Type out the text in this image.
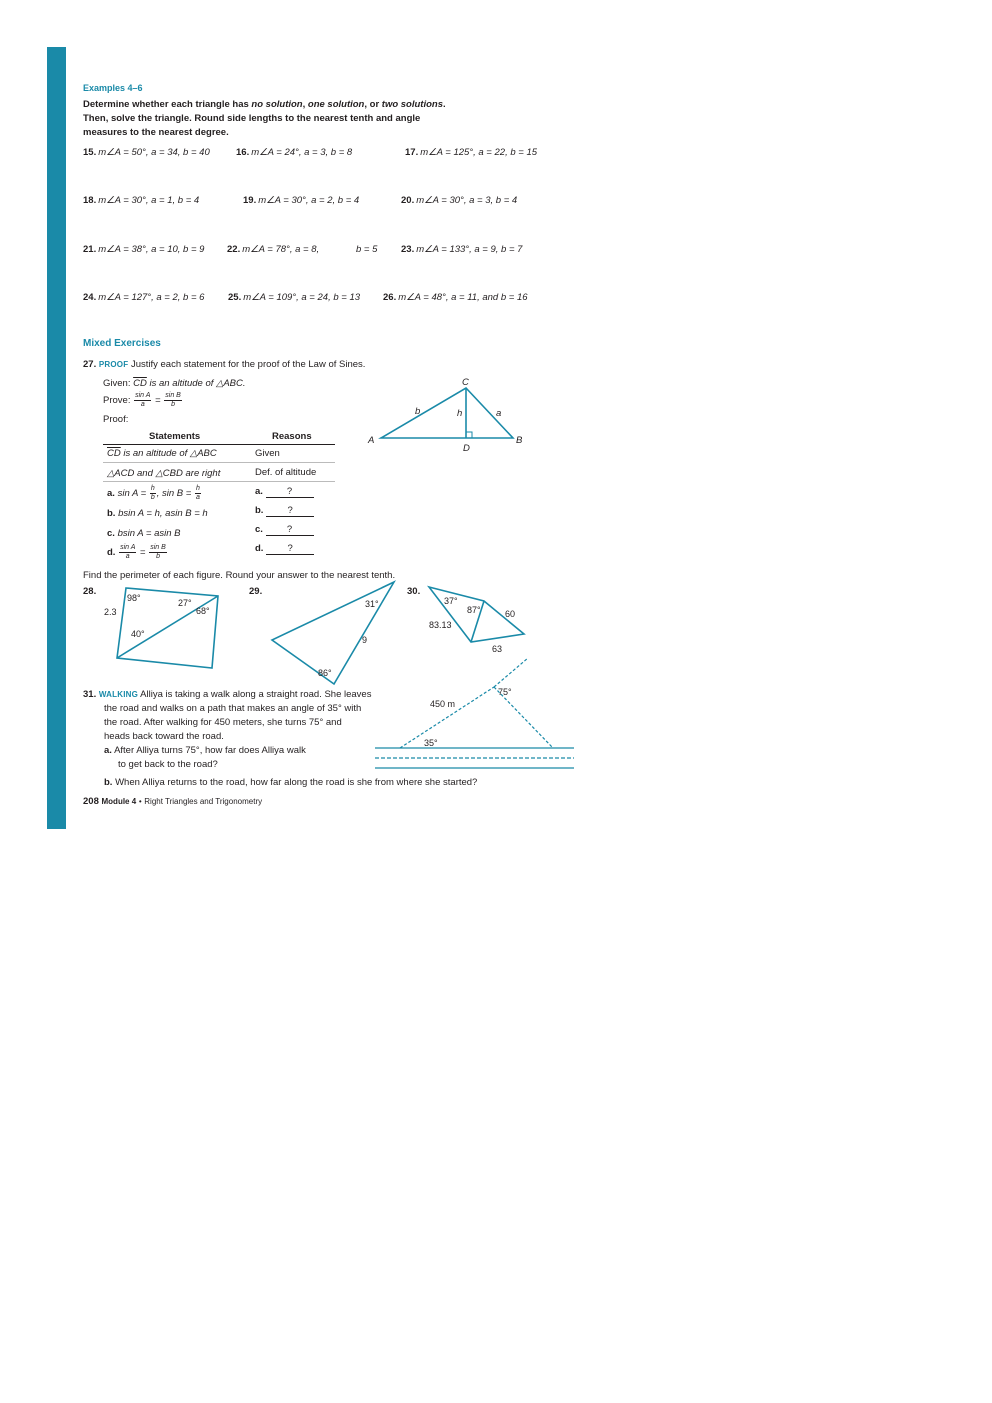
Examples 4–6
Determine whether each triangle has no solution, one solution, or two solutions.
Then, solve the triangle. Round side lengths to the nearest tenth and angle
measures to the nearest degree.
15. m∠A = 50°, a = 34, b = 40	16. m∠A = 24°, a = 3, b = 8	17. m∠A = 125°, a = 22, b = 15
18. m∠A = 30°, a = 1, b = 4	19. m∠A = 30°, a = 2, b = 4	20. m∠A = 30°, a = 3, b = 4
21. m∠A = 38°, a = 10, b = 9 22. m∠A = 78°, a = 8,	b = 5 23. m∠A = 133°, a = 9, b = 7
24. m∠A = 127°, a = 2, b = 6 25. m∠A = 109°, a = 24, b = 13 26. m∠A = 48°, a = 11, and b = 16
Mixed Exercises
27. PROOF Justify each statement for the proof of the Law of Sines.
Given: $\overline{CD}$ is an altitude of △ABC.
Prove: $\frac{\text{sin A}}{a} = \frac{\text{sin B}}{b}$
Proof:
Statements	Reasons
$\overline{CD}$ is an altitude of △ABC	Given
△ACD and △CBD are right	Def. of altitude
a. $\sin A = \frac{h}{b}$ , $\sin B = \frac{h}{a}$	a.	?
b. bsin A = h, asin B = h	b.	?
c. bsin A = asin B	c.	?
d. $\frac{\text{sin A}}{a} = \frac{\text{sin B}}{b}$	d.	?
C
A	B
D
b	h	a
98°	27°
68°
40°
2.3
31°
86°
9
37°
87°	60
83.13
63
450 m
35°
75°
Find the perimeter of each figure. Round your answer to the nearest tenth.
28.	29.	30.
31. WALKING Alliya is taking a walk along a straight road. She leaves
the road and walks on a path that makes an angle of 35° with
the road. After walking for 450 meters, she turns 75° and
heads back toward the road.
a. After Alliya turns 75°, how far does Alliya walk
to get back to the road?
b. When Alliya returns to the road, how far along the road is she from where she started?
208 Module 4 • Right Triangles and Trigonometry
